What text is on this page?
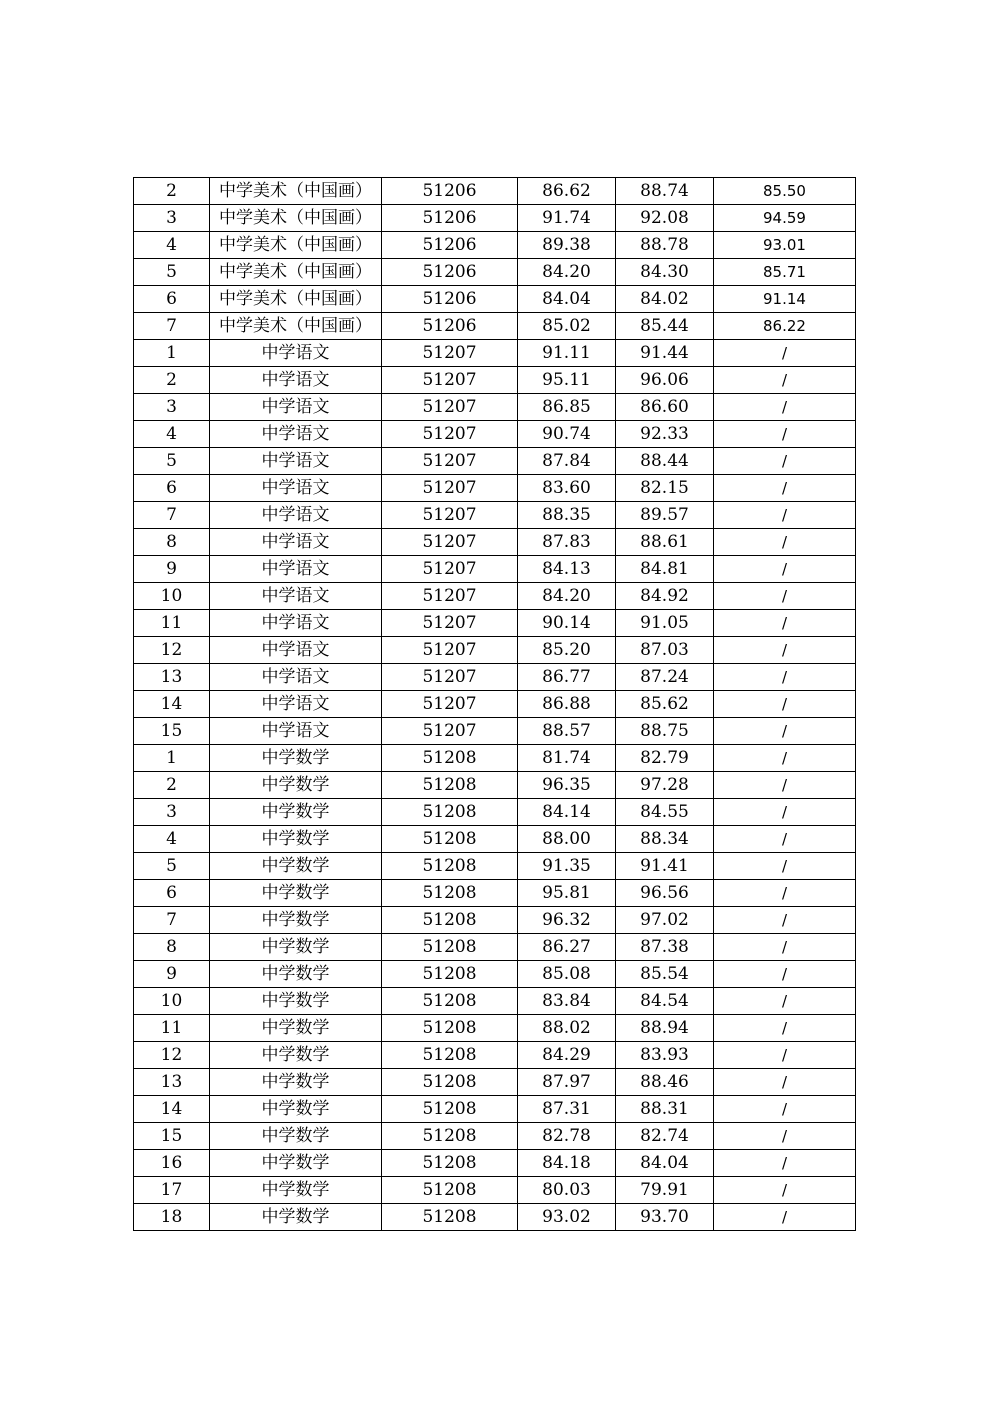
2	中学美术（中国画）	51206	86.62	88.74	85.50
3	中学美术（中国画）	51206	91.74	92.08	94.59
4	中学美术（中国画）	51206	89.38	88.78	93.01
5	中学美术（中国画）	51206	84.20	84.30	85.71
6	中学美术（中国画）	51206	84.04	84.02	91.14
7	中学美术（中国画）	51206	85.02	85.44	86.22
1	中学语文	51207	91.11	91.44	/
2	中学语文	51207	95.11	96.06	/
3	中学语文	51207	86.85	86.60	/
4	中学语文	51207	90.74	92.33	/
5	中学语文	51207	87.84	88.44	/
6	中学语文	51207	83.60	82.15	/
7	中学语文	51207	88.35	89.57	/
8	中学语文	51207	87.83	88.61	/
9	中学语文	51207	84.13	84.81	/
10	中学语文	51207	84.20	84.92	/
11	中学语文	51207	90.14	91.05	/
12	中学语文	51207	85.20	87.03	/
13	中学语文	51207	86.77	87.24	/
14	中学语文	51207	86.88	85.62	/
15	中学语文	51207	88.57	88.75	/
1	中学数学	51208	81.74	82.79	/
2	中学数学	51208	96.35	97.28	/
3	中学数学	51208	84.14	84.55	/
4	中学数学	51208	88.00	88.34	/
5	中学数学	51208	91.35	91.41	/
6	中学数学	51208	95.81	96.56	/
7	中学数学	51208	96.32	97.02	/
8	中学数学	51208	86.27	87.38	/
9	中学数学	51208	85.08	85.54	/
10	中学数学	51208	83.84	84.54	/
11	中学数学	51208	88.02	88.94	/
12	中学数学	51208	84.29	83.93	/
13	中学数学	51208	87.97	88.46	/
14	中学数学	51208	87.31	88.31	/
15	中学数学	51208	82.78	82.74	/
16	中学数学	51208	84.18	84.04	/
17	中学数学	51208	80.03	79.91	/
18	中学数学	51208	93.02	93.70	/
